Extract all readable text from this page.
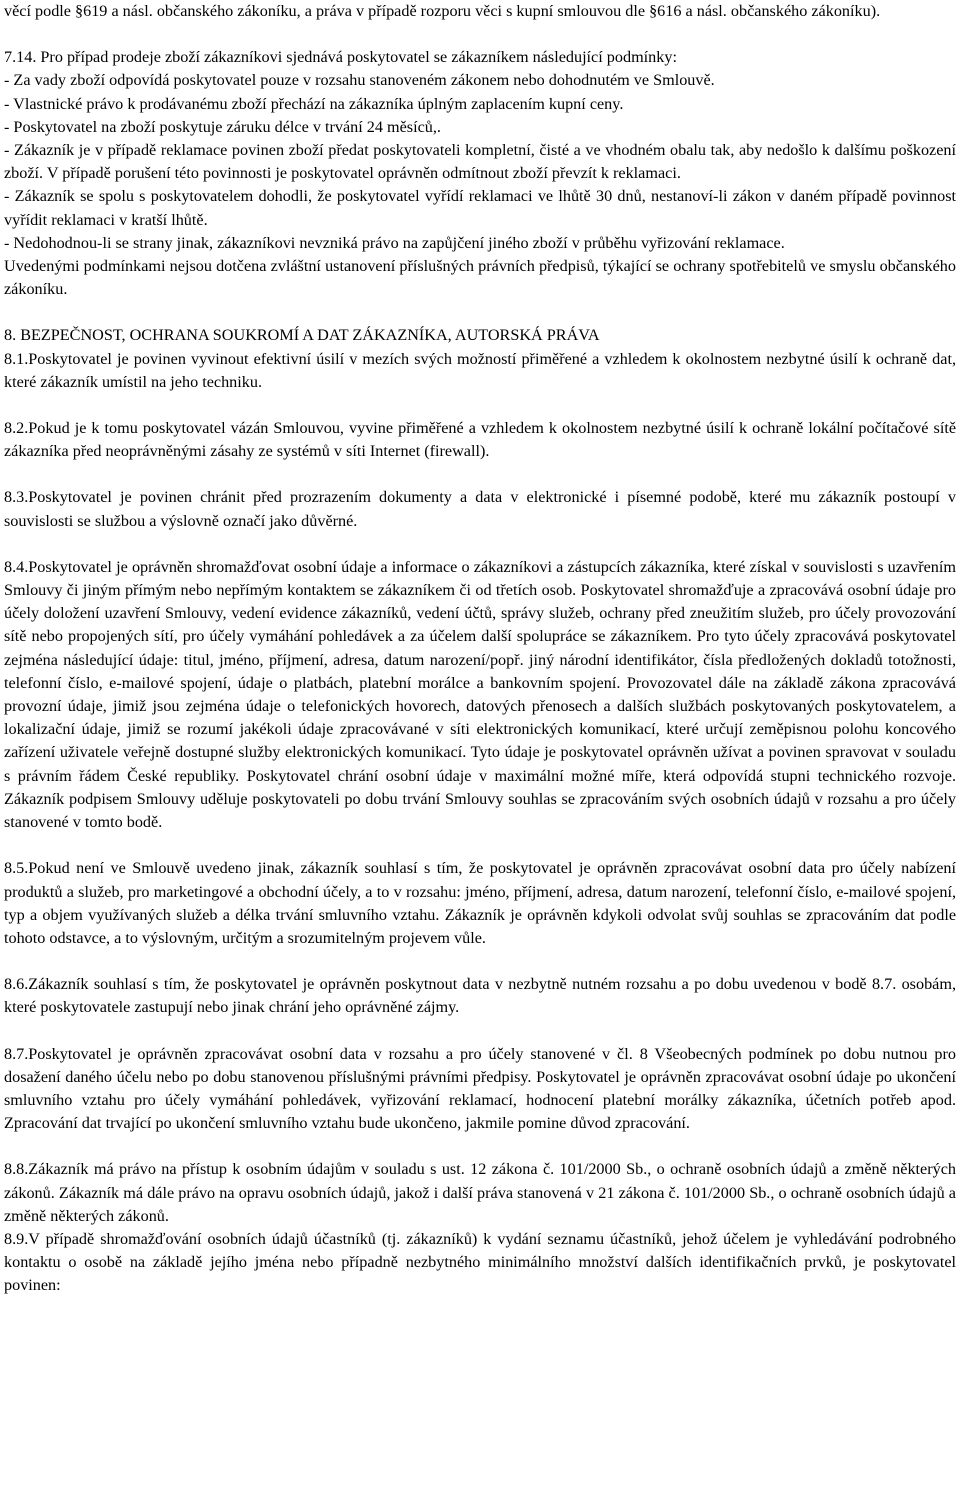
věcí podle §619 a násl. občanského zákoníku, a práva v případě rozporu věci s kupní smlouvou dle §616 a násl. občanského zákoníku).

7.14. Pro případ prodeje zboží zákazníkovi sjednává poskytovatel se zákazníkem následující podmínky:

- Za vady zboží odpovídá poskytovatel pouze v rozsahu stanoveném zákonem nebo dohodnutém ve Smlouvě.

- Vlastnické právo k prodávanému zboží přechází na zákazníka úplným zaplacením kupní ceny.

- Poskytovatel na zboží poskytuje záruku délce v trvání 24 měsíců,.

- Zákazník je v případě reklamace povinen zboží předat poskytovateli kompletní, čisté a ve vhodném obalu tak, aby nedošlo k dalšímu poškození zboží. V případě porušení této povinnosti je poskytovatel oprávněn odmítnout zboží převzít k reklamaci.

- Zákazník se spolu s poskytovatelem dohodli, že poskytovatel vyřídí reklamaci ve lhůtě 30 dnů, nestanoví-li zákon v daném případě povinnost vyřídit reklamaci v kratší lhůtě.

- Nedohodnou-li se strany jinak, zákazníkovi nevzniká právo na zapůjčení jiného zboží v průběhu vyřizování reklamace.

Uvedenými podmínkami nejsou dotčena zvláštní ustanovení příslušných právních předpisů, týkající se ochrany spotřebitelů ve smyslu občanského zákoníku.

8. BEZPEČNOST, OCHRANA SOUKROMÍ A DAT ZÁKAZNÍKA, AUTORSKÁ PRÁVA

8.1.Poskytovatel je povinen vyvinout efektivní úsilí v mezích svých možností přiměřené a vzhledem k okolnostem nezbytné úsilí k ochraně dat, které zákazník umístil na jeho techniku.

8.2.Pokud je k tomu poskytovatel vázán Smlouvou, vyvine přiměřené a vzhledem k okolnostem nezbytné úsilí k ochraně lokální počítačové sítě zákazníka před neoprávněnými zásahy ze systémů v síti Internet (firewall).

8.3.Poskytovatel je povinen chránit před prozrazením dokumenty a data v elektronické i písemné podobě, které mu zákazník postoupí v souvislosti se službou a výslovně označí jako důvěrné.

8.4.Poskytovatel je oprávněn shromažďovat osobní údaje a informace o zákazníkovi a zástupcích zákazníka, které získal v souvislosti s uzavřením Smlouvy či jiným přímým nebo nepřímým kontaktem se zákazníkem či od třetích osob. Poskytovatel shromažďuje a zpracovává osobní údaje pro účely doložení uzavření Smlouvy, vedení evidence zákazníků, vedení účtů, správy služeb, ochrany před zneužitím služeb, pro účely provozování sítě nebo propojených sítí, pro účely vymáhání pohledávek a za účelem další spolupráce se zákazníkem. Pro tyto účely zpracovává poskytovatel zejména následující údaje: titul, jméno, příjmení, adresa, datum narození/popř. jiný národní identifikátor, čísla předložených dokladů totožnosti, telefonní číslo, e-mailové spojení, údaje o platbách, platební morálce a bankovním spojení. Provozovatel dále na základě zákona zpracovává provozní údaje, jimiž jsou zejména údaje o telefonických hovorech, datových přenosech a dalších službách poskytovaných poskytovatelem, a lokalizační údaje, jimiž se rozumí jakékoli údaje zpracovávané v síti elektronických komunikací, které určují zeměpisnou polohu koncového zařízení uživatele veřejně dostupné služby elektronických komunikací. Tyto údaje je poskytovatel oprávněn užívat a povinen spravovat v souladu s právním řádem České republiky. Poskytovatel chrání osobní údaje v maximální možné míře, která odpovídá stupni technického rozvoje. Zákazník podpisem Smlouvy uděluje poskytovateli po dobu trvání Smlouvy souhlas se zpracováním svých osobních údajů v rozsahu a pro účely stanovené v tomto bodě.

8.5.Pokud není ve Smlouvě uvedeno jinak, zákazník souhlasí s tím, že poskytovatel je oprávněn zpracovávat osobní data pro účely nabízení produktů a služeb, pro marketingové a obchodní účely, a to v rozsahu: jméno, příjmení, adresa, datum narození, telefonní číslo, e-mailové spojení, typ a objem využívaných služeb a délka trvání smluvního vztahu. Zákazník je oprávněn kdykoli odvolat svůj souhlas se zpracováním dat podle tohoto odstavce, a to výslovným, určitým a srozumitelným projevem vůle.

8.6.Zákazník souhlasí s tím, že poskytovatel je oprávněn poskytnout data v nezbytně nutném rozsahu a po dobu uvedenou v bodě 8.7. osobám, které poskytovatele zastupují nebo jinak chrání jeho oprávněné zájmy.

8.7.Poskytovatel je oprávněn zpracovávat osobní data v rozsahu a pro účely stanovené v čl. 8 Všeobecných podmínek po dobu nutnou pro dosažení daného účelu nebo po dobu stanovenou příslušnými právními předpisy. Poskytovatel je oprávněn zpracovávat osobní údaje po ukončení smluvního vztahu pro účely vymáhání pohledávek, vyřizování reklamací, hodnocení platební morálky zákazníka, účetních potřeb apod. Zpracování dat trvající po ukončení smluvního vztahu bude ukončeno, jakmile pomine důvod zpracování.

8.8.Zákazník má právo na přístup k osobním údajům v souladu s ust. 12 zákona č. 101/2000 Sb., o ochraně osobních údajů a změně některých zákonů. Zákazník má dále právo na opravu osobních údajů, jakož i další práva stanovená v 21 zákona č. 101/2000 Sb., o ochraně osobních údajů a změně některých zákonů.

8.9.V případě shromažďování osobních údajů účastníků (tj. zákazníků) k vydání seznamu účastníků, jehož účelem je vyhledávání podrobného kontaktu o osobě na základě jejího jména nebo případně nezbytného minimálního množství dalších identifikačních prvků, je poskytovatel povinen:
